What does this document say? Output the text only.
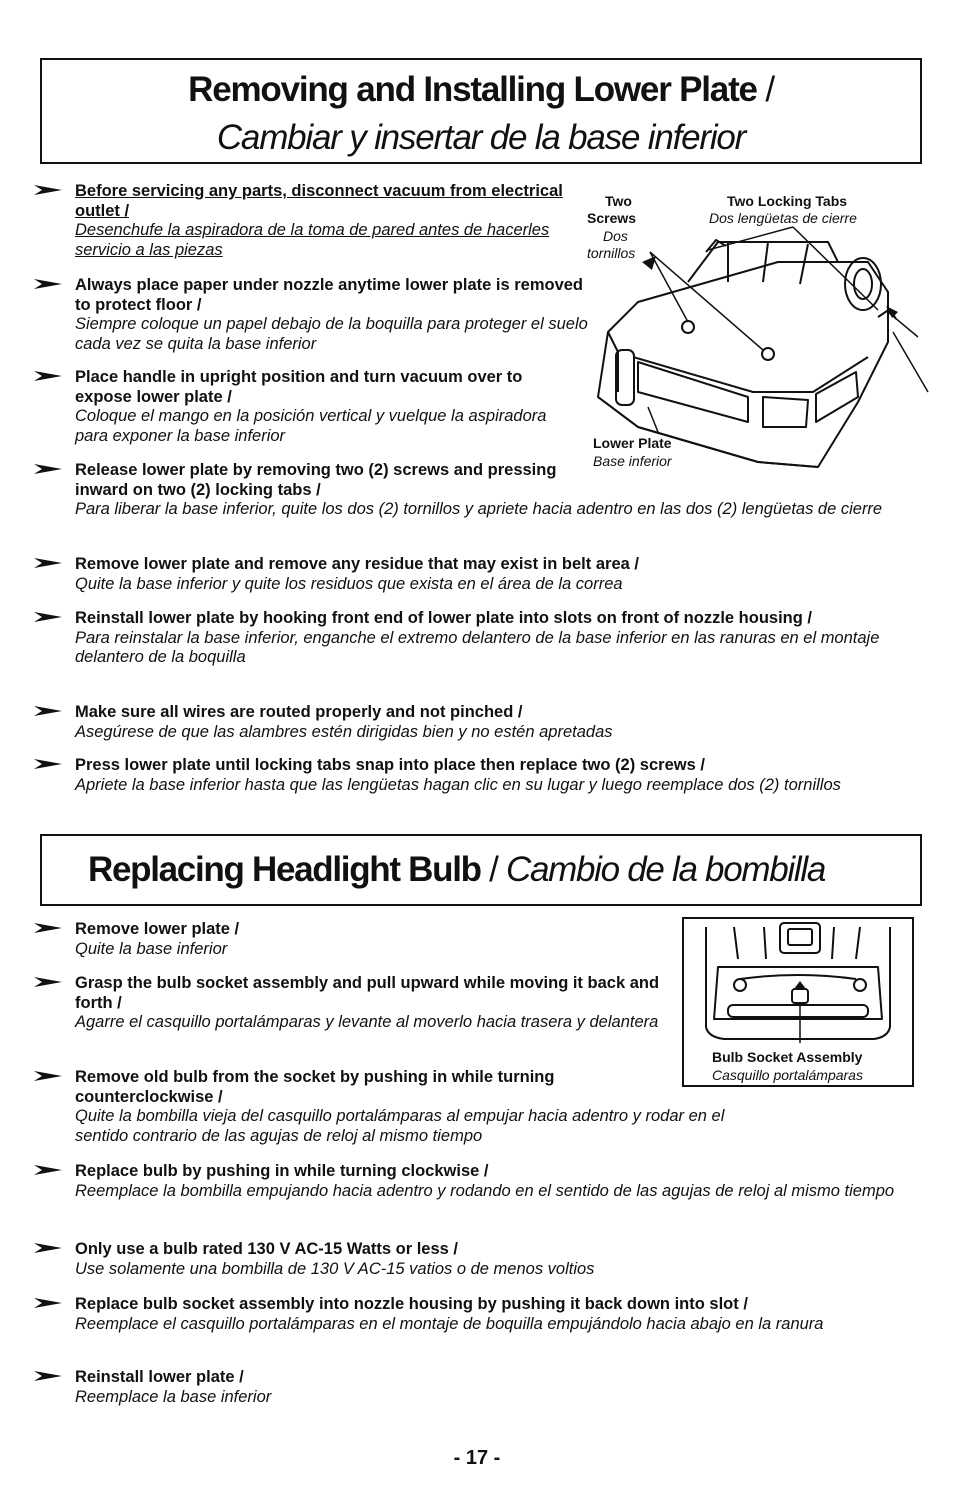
Removing and Installing Lower Plate /
Cambiar y insertar de la base inferior
Two
Screws
Dos
tornillos
Two Locking Tabs
Dos lengüetas de cierre
Lower Plate
Base inferior
Before servicing any parts, disconnect vacuum from electrical outlet /
Desenchufe la aspiradora de la toma de pared antes de hacerles servicio a las piezas
Always place paper under nozzle anytime lower plate is removed to protect floor /
Siempre coloque un papel debajo de la boquilla para proteger el suelo cada vez se quita la base inferior
Place handle in upright position and turn vacuum over to expose lower plate /
Coloque el mango en la posición vertical y vuelque la aspiradora para exponer la base inferior
Release lower plate by removing two (2) screws and pressing inward on two (2) locking tabs /
Para liberar la base inferior, quite los dos (2) tornillos y apriete hacia adentro en las dos (2) lengüetas de cierre
Remove lower plate and remove any residue that may exist in belt area /
Quite la base inferior y quite los residuos que exista en el área de la correa
Reinstall lower plate by hooking front end of lower plate into slots on front of nozzle housing /
Para reinstalar la base inferior, enganche el extremo delantero de la base inferior en las ranuras en el montaje delantero de la boquilla
Make sure all wires are routed properly and not pinched /
Asegúrese de que las alambres estén dirigidas bien y no estén apretadas
Press lower plate until locking tabs snap into place then replace two (2) screws /
Apriete la base inferior hasta que las lengüetas hagan clic en su lugar y luego reemplace dos (2) tornillos
Replacing Headlight Bulb / Cambio de la bombilla
Bulb Socket Assembly
Casquillo portalámparas
Remove lower plate /
Quite la base inferior
Grasp the bulb socket assembly and pull upward while moving it back and forth /
Agarre el casquillo portalámparas y levante al moverlo hacia trasera y delantera
Remove old bulb from the socket by pushing in while turning counterclockwise /
Quite la bombilla vieja del casquillo portalámparas al empujar hacia adentro y rodar en el sentido contrario de las agujas de reloj al mismo tiempo
Replace bulb by pushing in while turning clockwise /
Reemplace la bombilla empujando hacia adentro y rodando en el sentido de las agujas de reloj al mismo tiempo
Only use a bulb rated 130 V AC-15 Watts or less /
Use solamente una bombilla de 130 V AC-15 vatios o de menos voltios
Replace bulb socket assembly into nozzle housing by pushing it back down into slot /
Reemplace el casquillo portalámparas en el montaje de boquilla empujándolo hacia abajo en la ranura
Reinstall lower plate /
Reemplace la base inferior
- 17 -
